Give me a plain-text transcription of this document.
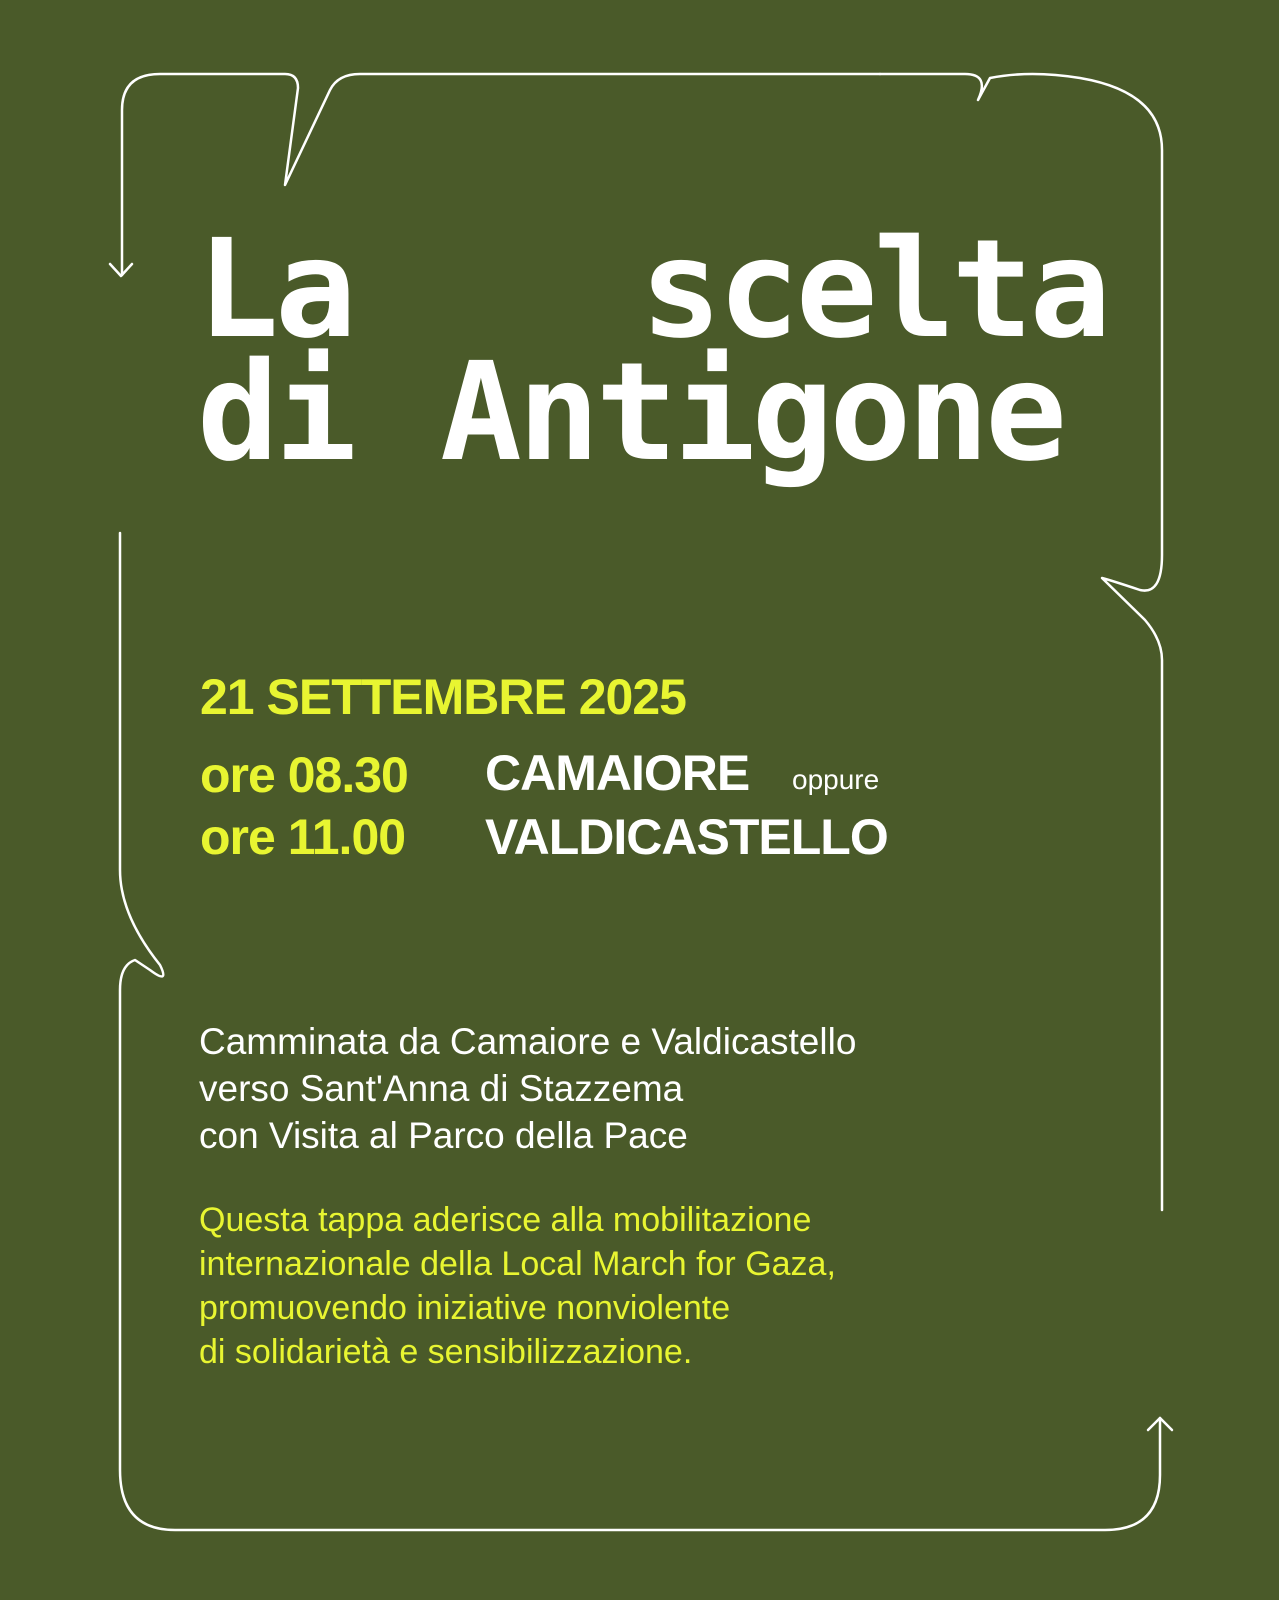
La scelta
di Antigone
21 SETTEMBRE 2025
ore 08.30 CAMAIORE oppure
ore 11.00 VALDICASTELLO
Camminata da Camaiore e Valdicastello
verso Sant'Anna di Stazzema
con Visita al Parco della Pace
Questa tappa aderisce alla mobilitazione
internazionale della Local March for Gaza,
promuovendo iniziative nonviolente
di solidarietà e sensibilizzazione.
